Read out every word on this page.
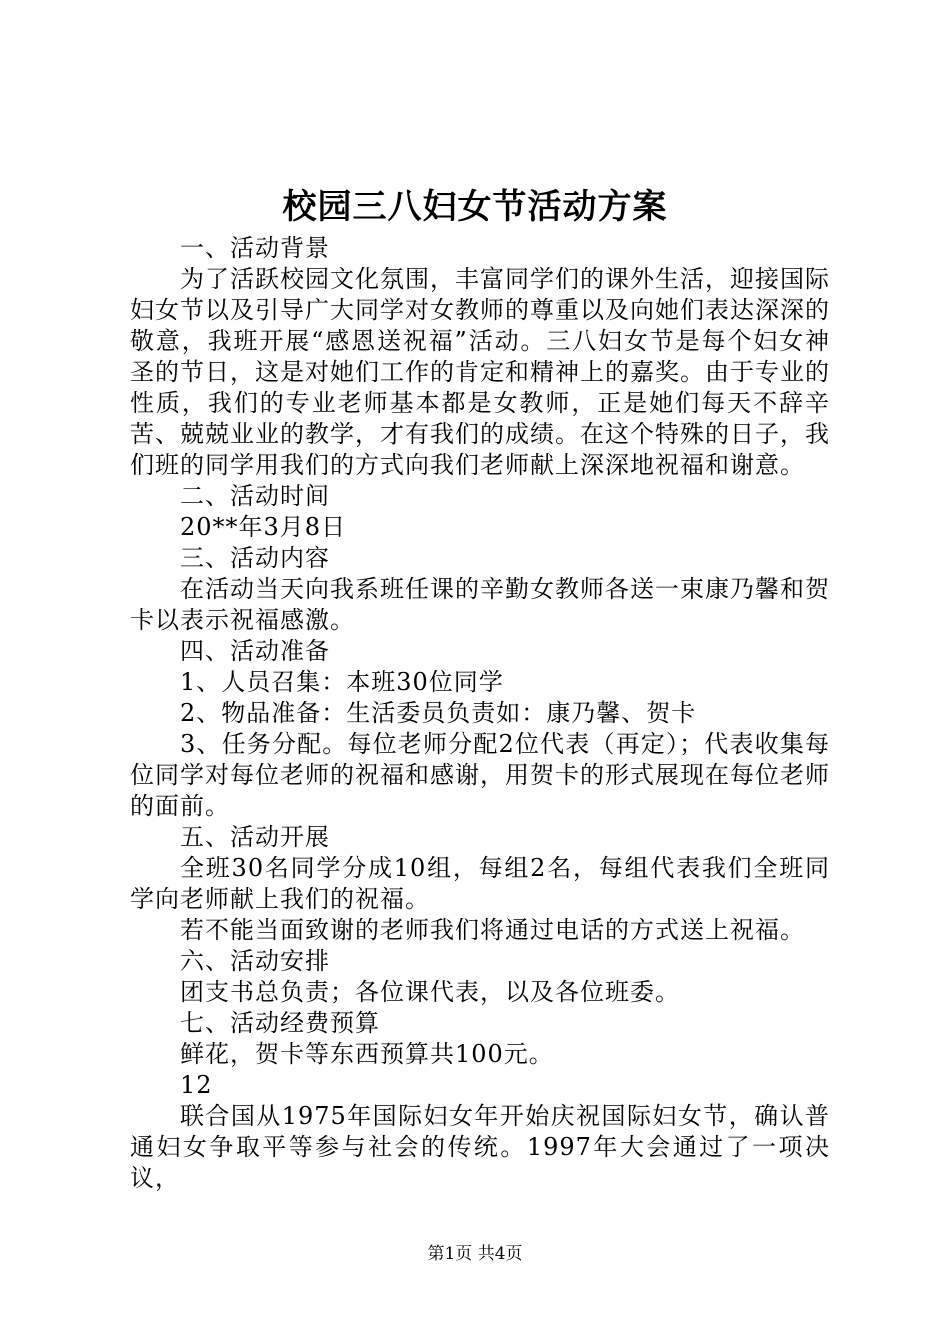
校园三八妇女节活动方案

一、活动背景

为了活跃校园文化氛围，丰富同学们的课外生活，迎接国际妇女节以及引导广大同学对女教师的尊重以及向她们表达深深的敬意，我班开展“感恩送祝福”活动。三八妇女节是每个妇女神圣的节日，这是对她们工作的肯定和精神上的嘉奖。由于专业的性质，我们的专业老师基本都是女教师，正是她们每天不辞辛苦、兢兢业业的教学，才有我们的成绩。在这个特殊的日子，我们班的同学用我们的方式向我们老师献上深深地祝福和谢意。

二、活动时间

20**年3月8日

三、活动内容

在活动当天向我系班任课的辛勤女教师各送一束康乃馨和贺卡以表示祝福感激。

四、活动准备

1、人员召集：本班30位同学

2、物品准备：生活委员负责如：康乃馨、贺卡

3、任务分配。每位老师分配2位代表（再定）；代表收集每位同学对每位老师的祝福和感谢，用贺卡的形式展现在每位老师的面前。

五、活动开展

全班30名同学分成10组，每组2名，每组代表我们全班同学向老师献上我们的祝福。

若不能当面致谢的老师我们将通过电话的方式送上祝福。

六、活动安排

团支书总负责；各位课代表，以及各位班委。

七、活动经费预算

鲜花，贺卡等东西预算共100元。

12

联合国从1975年国际妇女年开始庆祝国际妇女节，确认普通妇女争取平等参与社会的传统。1997年大会通过了一项决议，

第1页 共4页
